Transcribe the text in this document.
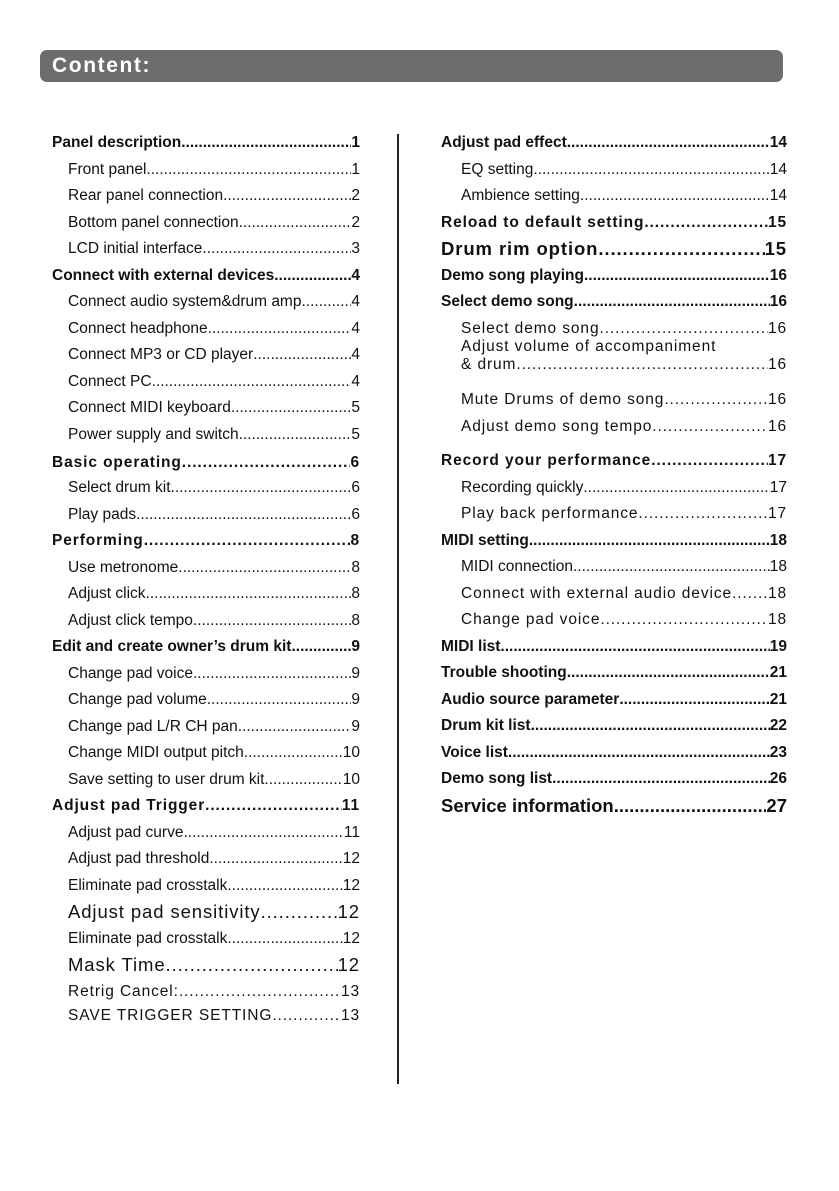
Content:
Panel description .....	1
Front panel .....	1
Rear panel connection .....	2
Bottom panel connection .....	2
LCD initial interface .....	3
Connect with external devices .....	4
Connect audio system&drum amp .....	4
Connect headphone .....	4
Connect MP3 or CD player .....	4
Connect PC .....	4
Connect MIDI keyboard .....	5
Power supply and switch .....	5
Basic operating .....	6
Select drum kit .....	6
Play pads .....	6
Performing .....	8
Use metronome .....	8
Adjust click .....	8
Adjust click tempo .....	8
Edit and create owner’s drum kit .....	9
Change pad voice .....	9
Change pad volume .....	9
Change pad L/R CH pan .....	9
Change MIDI output pitch .....	10
Save setting to user drum kit .....	10
Adjust pad Trigger .....	11
Adjust pad curve .....	11
Adjust pad threshold .....	12
Eliminate pad crosstalk .....	12
Adjust pad sensitivity .....	12
Eliminate pad crosstalk .....	12
Mask Time .....	12
Retrig Cancel: .....	13
SAVE TRIGGER SETTING .....	13
Adjust pad effect .....	14
EQ setting .....	14
Ambience setting .....	14
Reload to default setting .....	15
Drum rim option .....	15
Demo song playing .....	16
Select demo song .....	16
Select demo song .....	16
Adjust volume of accompaniment
& drum .....	16
Mute Drums of demo song .....	16
Adjust demo song tempo .....	16
Record your performance .....	17
Recording quickly .....	17
Play back performance .....	17
MIDI setting .....	18
MIDI connection .....	18
Connect with external audio device ..... 18
Change pad voice .....	18
MIDI list .....	19
Trouble shooting .....	21
Audio source parameter .....	21
Drum kit list .....	22
Voice list .....	23
Demo song list .....	26
Service information .....	27
